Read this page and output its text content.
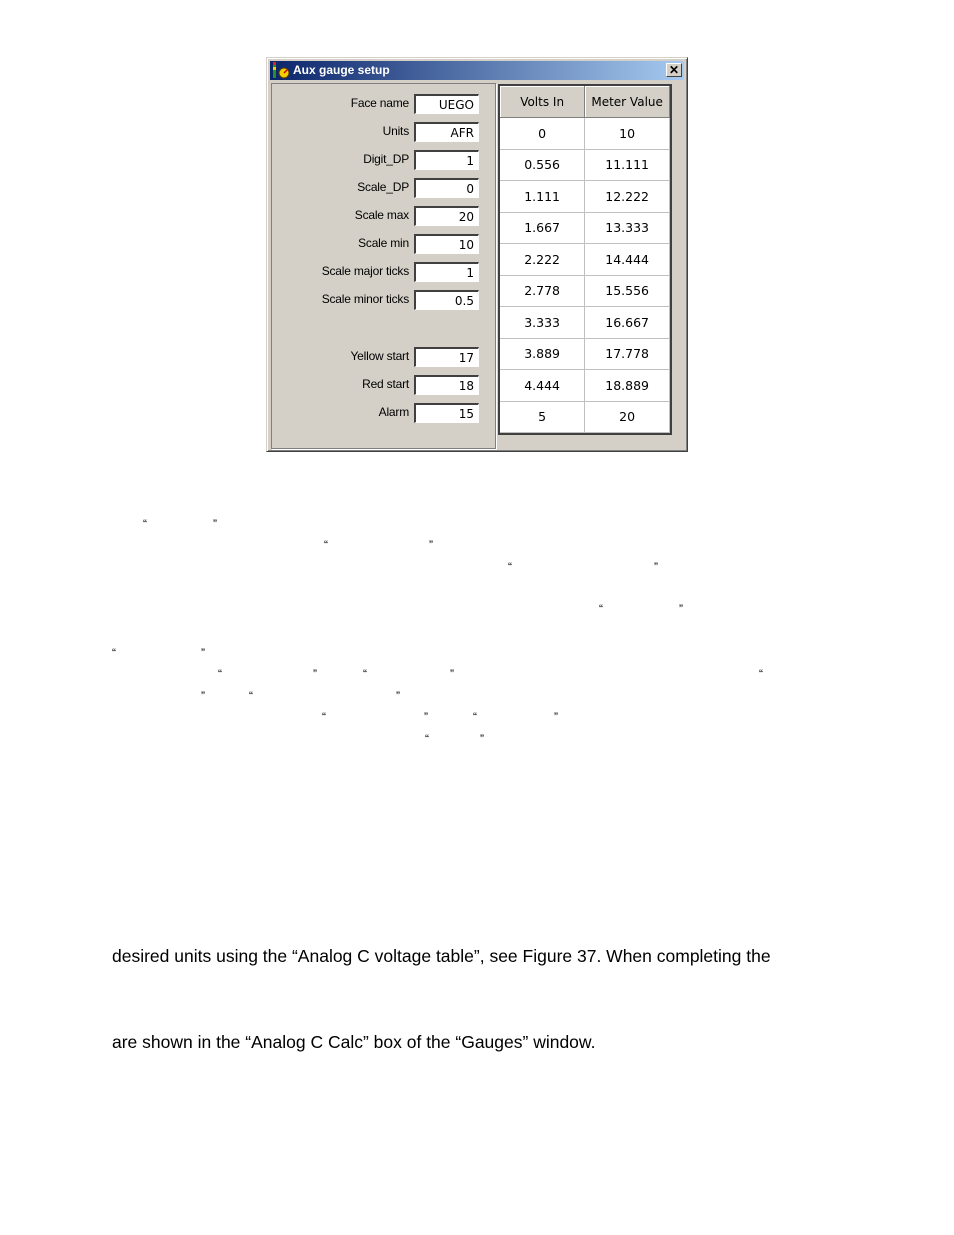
Aux gauge setup	✕
Face name	UEGO
Units	AFR
Digit_DP	1
Scale_DP	0
Scale max	20
Scale min	10
Scale major ticks	1
Scale minor ticks	0.5
Yellow start	17
Red start	18
Alarm	15
Volts In	Meter Value
0	10
0.556	11.111
1.111	12.222
1.667	13.333
2.222	14.444
2.778	15.556
3.333	16.667
3.889	17.778
4.444	18.889
5	20
“	”
“	”
“	”
“	”
“	”
“	”	“	”	“
”	“	”
“	”	“	”
“	”
desired units using the “Analog C voltage table”, see Figure 37. When completing the
are shown in the “Analog C Calc” box of the “Gauges” window.
